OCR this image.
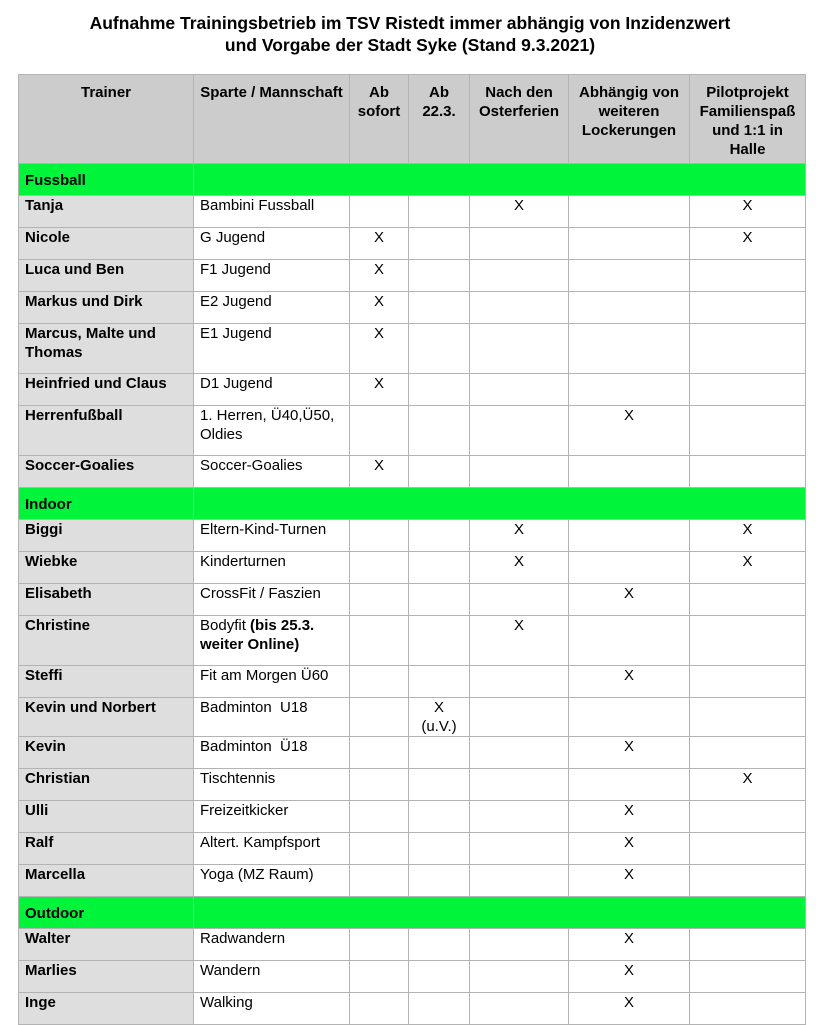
Aufnahme Trainingsbetrieb im TSV Ristedt immer abhängig von Inzidenzwert
und Vorgabe der Stadt Syke (Stand 9.3.2021)
Trainer	Sparte / Mannschaft	Ab sofort	Ab 22.3.	Nach den Osterferien	Abhängig von weiteren Lockerungen	Pilotprojekt Familienspaß und 1:1 in Halle
Fussball						
Tanja	Bambini Fussball			X		X
Nicole	G Jugend	X				X
Luca und Ben	F1 Jugend	X				
Markus und Dirk	E2 Jugend	X				
Marcus, Malte und Thomas	E1 Jugend	X				
Heinfried und Claus	D1 Jugend	X				
Herrenfußball	1. Herren, Ü40,Ü50, Oldies				X	
Soccer-Goalies	Soccer-Goalies	X				
Indoor						
Biggi	Eltern-Kind-Turnen			X		X
Wiebke	Kinderturnen			X		X
Elisabeth	CrossFit / Faszien				X	
Christine	Bodyfit (bis 25.3. weiter Online)			X		
Steffi	Fit am Morgen Ü60				X	
Kevin und Norbert	Badminton  U18		X (u.V.)			
Kevin	Badminton  Ü18				X	
Christian	Tischtennis					X
Ulli	Freizeitkicker				X	
Ralf	Altert. Kampfsport				X	
Marcella	Yoga (MZ Raum)				X	
Outdoor						
Walter	Radwandern				X	
Marlies	Wandern				X	
Inge	Walking				X	
